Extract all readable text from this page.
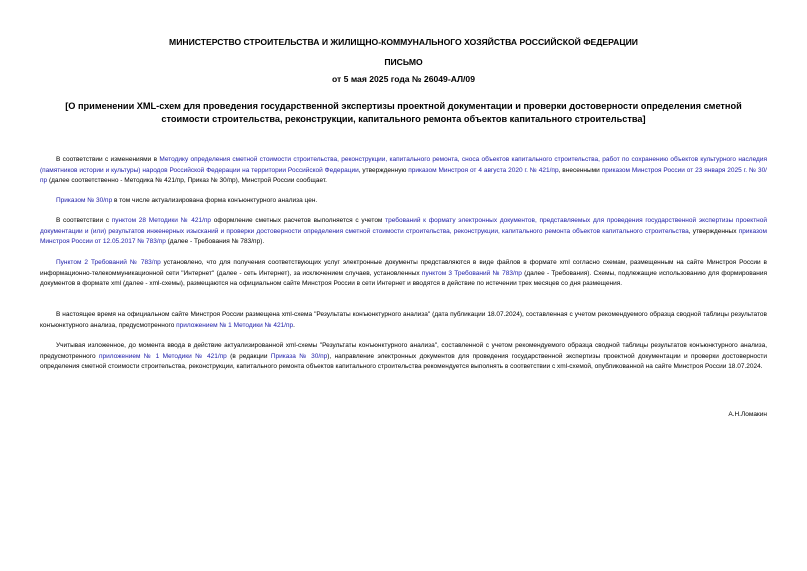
МИНИСТЕРСТВО СТРОИТЕЛЬСТВА И ЖИЛИЩНО-КОММУНАЛЬНОГО ХОЗЯЙСТВА РОССИЙСКОЙ ФЕДЕРАЦИИ
ПИСЬМО
от 5 мая 2025 года № 26049-АЛ/09
[О применении XML-схем для проведения государственной экспертизы проектной документации и проверки достоверности определения сметной стоимости строительства, реконструкции, капитального ремонта объектов капитального строительства]
В соответствии с изменениями в Методику определения сметной стоимости строительства, реконструкции, капитального ремонта, сноса объектов капитального строительства, работ по сохранению объектов культурного наследия (памятников истории и культуры) народов Российской Федерации на территории Российской Федерации, утвержденную приказом Минстроя от 4 августа 2020 г. № 421/пр, внесенными приказом Минстроя России от 23 января 2025 г. № 30/пр (далее соответственно - Методика № 421/пр, Приказ № 30/пр), Минстрой России сообщает.
Приказом № 30/пр в том числе актуализирована форма конъюнктурного анализа цен.
В соответствии с пунктом 28 Методики № 421/пр оформление сметных расчетов выполняется с учетом требований к формату электронных документов, представляемых для проведения государственной экспертизы проектной документации и (или) результатов инженерных изысканий и проверки достоверности определения сметной стоимости строительства, реконструкции, капитального ремонта объектов капитального строительства, утвержденных приказом Минстроя России от 12.05.2017 № 783/пр (далее - Требования № 783/пр).
Пунктом 2 Требований № 783/пр установлено, что для получения соответствующих услуг электронные документы представляются в виде файлов в формате xml согласно схемам, размещенным на сайте Минстроя России в информационно-телекоммуникационной сети "Интернет" (далее - сеть Интернет), за исключением случаев, установленных пунктом 3 Требований № 783/пр (далее - Требования). Схемы, подлежащие использованию для формирования документов в формате xml (далее - xml-схемы), размещаются на официальном сайте Минстроя России в сети Интернет и вводятся в действие по истечении трех месяцев со дня размещения.
В настоящее время на официальном сайте Минстроя России размещена xml-схема "Результаты конъюнктурного анализа" (дата публикации 18.07.2024), составленная с учетом рекомендуемого образца сводной таблицы результатов конъюнктурного анализа, предусмотренного приложением № 1 Методики № 421/пр.
Учитывая изложенное, до момента ввода в действие актуализированной xml-схемы "Результаты конъюнктурного анализа", составленной с учетом рекомендуемого образца сводной таблицы результатов конъюнктурного анализа, предусмотренного приложением № 1 Методики № 421/пр (в редакции Приказа № 30/пр), направление электронных документов для проведения государственной экспертизы проектной документации и проверки достоверности определения сметной стоимости строительства, реконструкции, капитального ремонта объектов капитального строительства рекомендуется выполнять в соответствии с xml-схемой, опубликованной на сайте Минстроя России 18.07.2024.
А.Н.Ломакин
